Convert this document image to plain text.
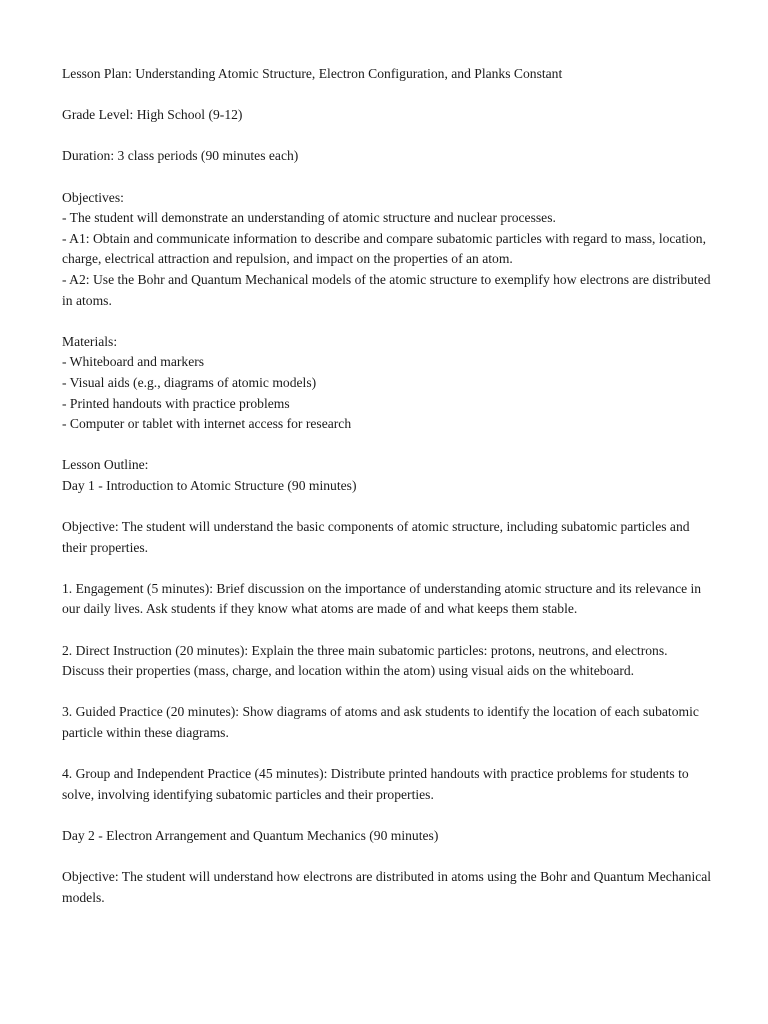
Lesson Plan: Understanding Atomic Structure, Electron Configuration, and Planks Constant

Grade Level: High School (9-12)

Duration: 3 class periods (90 minutes each)

Objectives:
- The student will demonstrate an understanding of atomic structure and nuclear processes.
- A1: Obtain and communicate information to describe and compare subatomic particles with regard to mass, location, charge, electrical attraction and repulsion, and impact on the properties of an atom.
- A2: Use the Bohr and Quantum Mechanical models of the atomic structure to exemplify how electrons are distributed in atoms.
Materials:
- Whiteboard and markers
- Visual aids (e.g., diagrams of atomic models)
- Printed handouts with practice problems
- Computer or tablet with internet access for research
Lesson Outline:
Day 1 - Introduction to Atomic Structure (90 minutes)

Objective: The student will understand the basic components of atomic structure, including subatomic particles and their properties.

1. Engagement (5 minutes): Brief discussion on the importance of understanding atomic structure and its relevance in our daily lives. Ask students if they know what atoms are made of and what keeps them stable.

2. Direct Instruction (20 minutes): Explain the three main subatomic particles: protons, neutrons, and electrons. Discuss their properties (mass, charge, and location within the atom) using visual aids on the whiteboard.

3. Guided Practice (20 minutes): Show diagrams of atoms and ask students to identify the location of each subatomic particle within these diagrams.

4. Group and Independent Practice (45 minutes): Distribute printed handouts with practice problems for students to solve, involving identifying subatomic particles and their properties.

Day 2 - Electron Arrangement and Quantum Mechanics (90 minutes)

Objective: The student will understand how electrons are distributed in atoms using the Bohr and Quantum Mechanical models.
